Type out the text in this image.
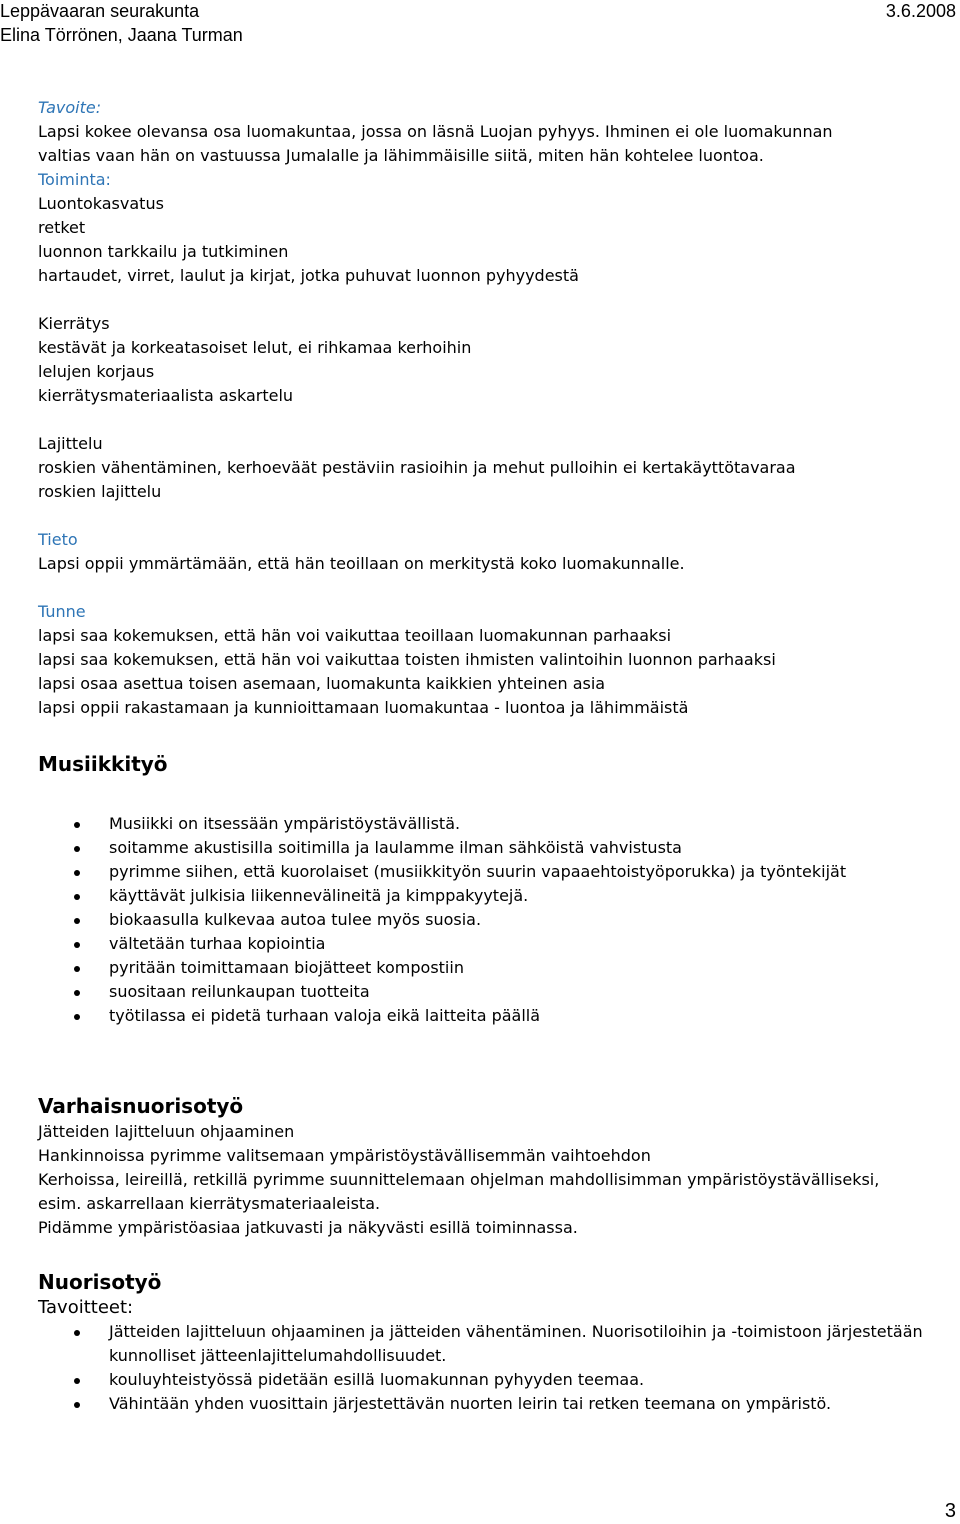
Leppävaaran seurakunta
Elina Törrönen, Jaana Turman
3.6.2008
Tavoite:
Lapsi kokee olevansa osa luomakuntaa, jossa on läsnä Luojan pyhyys. Ihminen ei ole luomakunnan
valtias vaan hän on vastuussa Jumalalle ja lähimmäisille siitä, miten hän kohtelee luontoa.
Toiminta:
Luontokasvatus
retket
luonnon tarkkailu ja tutkiminen
hartaudet, virret, laulut ja kirjat, jotka puhuvat luonnon pyhyydestä
Kierrätys
kestävät ja korkeatasoiset lelut, ei rihkamaa kerhoihin
lelujen korjaus
kierrätysmateriaalista askartelu
Lajittelu
roskien vähentäminen, kerhoeväät pestäviin rasioihin ja mehut pulloihin ei kertakäyttötavaraa
roskien lajittelu
Tieto
Lapsi oppii ymmärtämään, että hän teoillaan on merkitystä koko luomakunnalle.
Tunne
lapsi saa kokemuksen, että hän voi vaikuttaa teoillaan luomakunnan parhaaksi
lapsi saa kokemuksen, että hän voi vaikuttaa toisten ihmisten valintoihin luonnon parhaaksi
lapsi osaa asettua toisen asemaan, luomakunta kaikkien yhteinen asia
lapsi oppii rakastamaan ja kunnioittamaan luomakuntaa - luontoa ja lähimmäistä
Musiikkityö
Musiikki on itsessään ympäristöystävällistä.
soitamme akustisilla soitimilla ja laulamme ilman sähköistä vahvistusta
pyrimme siihen, että kuorolaiset (musiikkityön suurin vapaaehtoistyöporukka) ja työntekijät
käyttävät julkisia liikennevälineitä ja kimppakyytejä.
biokaasulla kulkevaa autoa tulee myös suosia.
vältetään turhaa kopiointia
pyritään toimittamaan biojätteet kompostiin
suositaan reilunkaupan tuotteita
työtilassa ei pidetä turhaan valoja eikä laitteita päällä
Varhaisnuorisotyö
Jätteiden lajitteluun ohjaaminen
Hankinnoissa pyrimme valitsemaan ympäristöystävällisemmän vaihtoehdon
Kerhoissa, leireillä, retkillä pyrimme suunnittelemaan ohjelman mahdollisimman ympäristöystävälliseksi,
esim. askarrellaan kierrätysmateriaaleista.
Pidämme ympäristöasiaa jatkuvasti ja näkyvästi esillä toiminnassa.
Nuorisotyö
Tavoitteet:
Jätteiden lajitteluun ohjaaminen ja jätteiden vähentäminen. Nuorisotiloihin ja -toimistoon järjestetään kunnolliset jätteenlajittelumahdollisuudet.
kouluyhteistyössä pidetään esillä luomakunnan pyhyyden teemaa.
Vähintään yhden vuosittain järjestettävän nuorten leirin tai retken teemana on ympäristö.
3
